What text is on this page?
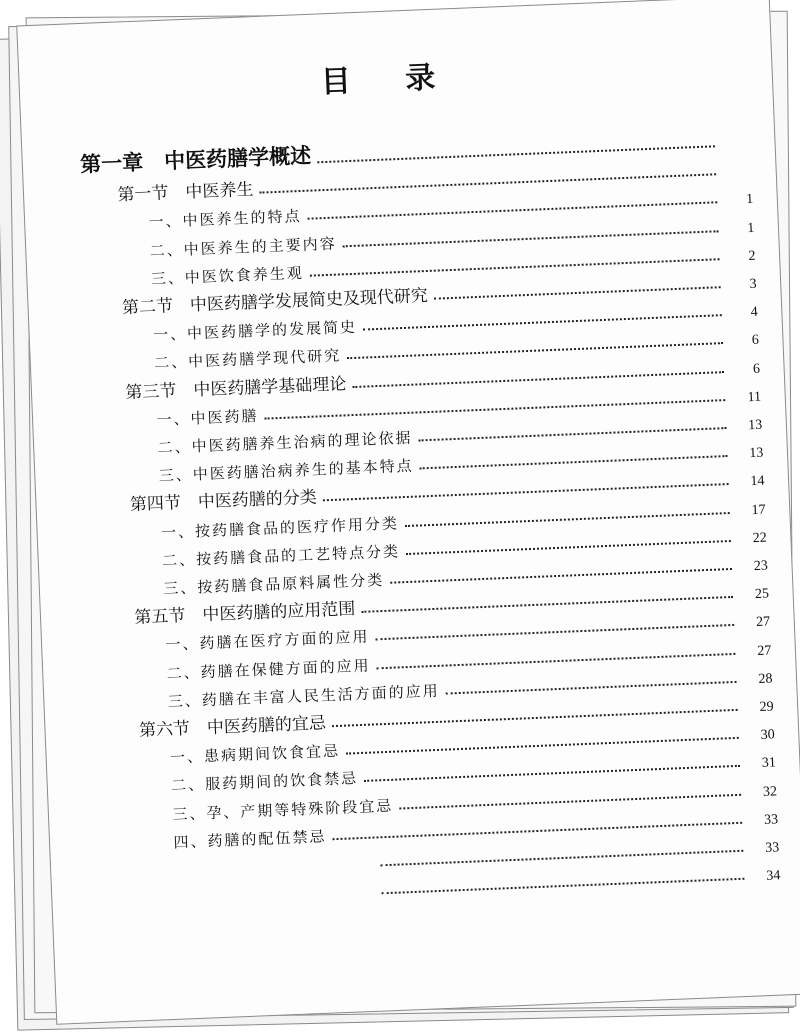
目 录
第一章　中医药膳学概述
第一节　中医养生
一、中医养生的特点
1
二、中医养生的主要内容
1
三、中医饮食养生观
2
第二节　中医药膳学发展简史及现代研究
3
一、中医药膳学的发展简史
4
二、中医药膳学现代研究
6
第三节　中医药膳学基础理论
6
一、中医药膳
11
二、中医药膳养生治病的理论依据
13
三、中医药膳治病养生的基本特点
13
第四节　中医药膳的分类
14
一、按药膳食品的医疗作用分类
17
二、按药膳食品的工艺特点分类
22
三、按药膳食品原料属性分类
23
第五节　中医药膳的应用范围
25
一、药膳在医疗方面的应用
27
二、药膳在保健方面的应用
27
三、药膳在丰富人民生活方面的应用
28
第六节　中医药膳的宜忌
29
一、患病期间饮食宜忌
30
二、服药期间的饮食禁忌
31
三、孕、产期等特殊阶段宜忌
32
四、药膳的配伍禁忌
33
33
34
